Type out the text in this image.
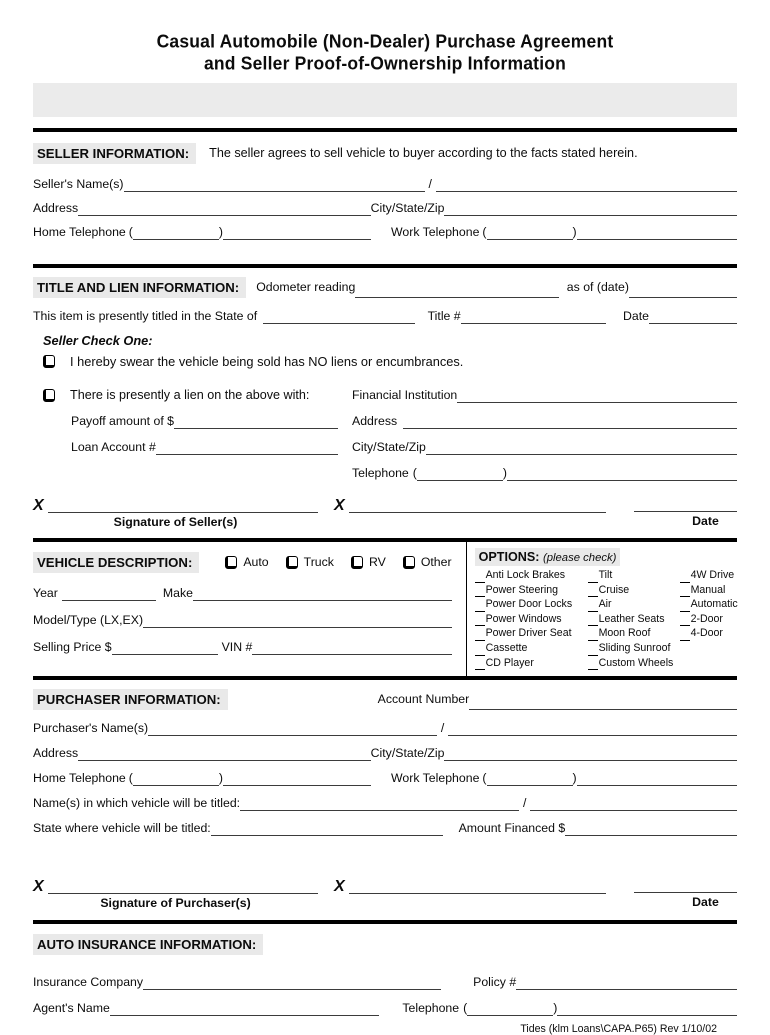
Casual Automobile (Non-Dealer) Purchase Agreement
and Seller Proof-of-Ownership Information
SELLER INFORMATION:	The seller agrees to sell vehicle to buyer according to the facts stated herein.
Seller's Name(s)	/
Address	City/State/Zip
Home Telephone (	)	Work Telephone (	)
TITLE AND LIEN INFORMATION:	Odometer reading	as of (date)
This item is presently titled in the State of	Title #	Date
Seller Check One:
I hereby swear the vehicle being sold has NO liens or encumbrances.
There is presently a lien on the above with:
Payoff amount of $
Loan Account #
Financial Institution
Address
City/State/Zip
Telephone (	)
X
Signature of Seller(s)
X
Date
VEHICLE DESCRIPTION:	Auto	Truck	RV	Other
Year	Make
Model/Type (LX,EX)
Selling Price $	VIN #
OPTIONS: (please check)
Anti Lock Brakes
Power Steering
Power Door Locks
Power Windows
Power Driver Seat
Cassette
CD Player
Tilt
Cruise
Air
Leather Seats
Moon Roof
Sliding Sunroof
Custom Wheels
4W Drive
Manual
Automatic
2-Door
4-Door
PURCHASER INFORMATION:	Account Number
Purchaser's Name(s)	/
Address	City/State/Zip
Home Telephone (	)	Work Telephone (	)
Name(s) in which vehicle will be titled:	/
State where vehicle will be titled:	Amount Financed $
X
Signature of Purchaser(s)
X
Date
AUTO INSURANCE INFORMATION:
Insurance Company	Policy #
Agent's Name	Telephone (	)
Tides (klm Loans\CAPA.P65) Rev 1/10/02
